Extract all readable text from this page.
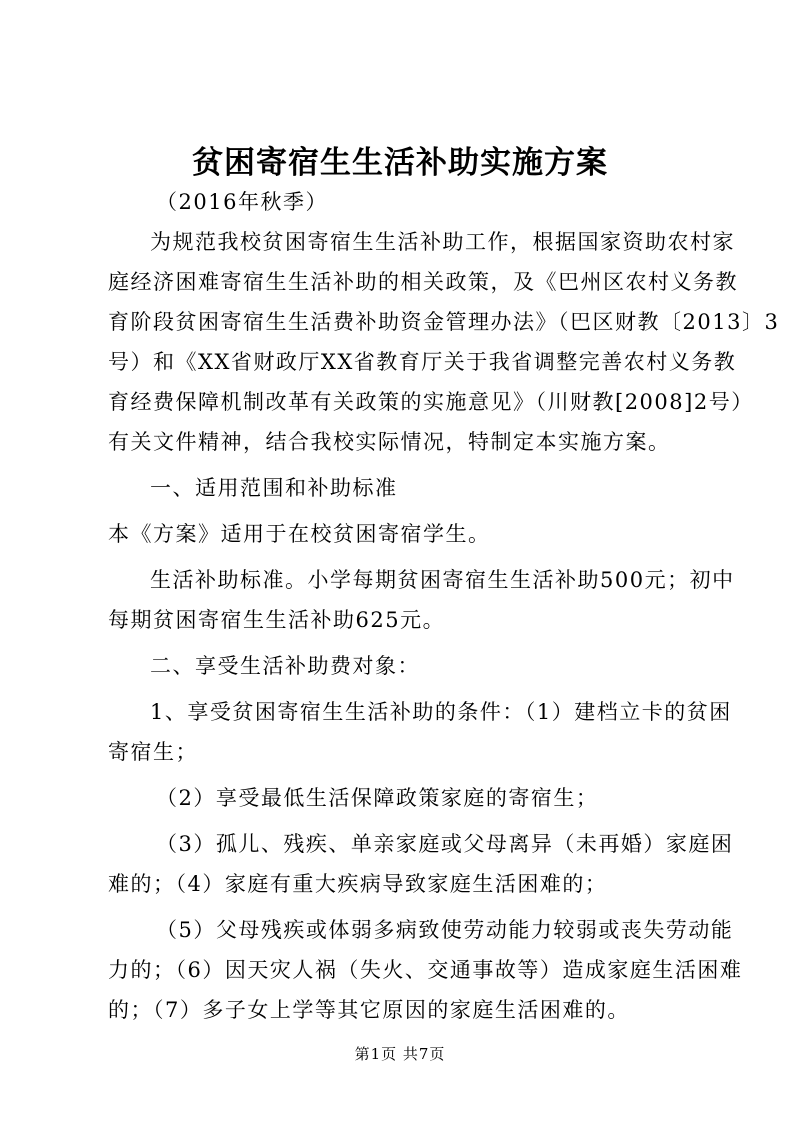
贫困寄宿生生活补助实施方案
（2016年秋季）
为规范我校贫困寄宿生生活补助工作，根据国家资助农村家
庭经济困难寄宿生生活补助的相关政策，及《巴州区农村义务教
育阶段贫困寄宿生生活费补助资金管理办法》（巴区财教〔2013〕3
号）和《XX省财政厅XX省教育厅关于我省调整完善农村义务教
育经费保障机制改革有关政策的实施意见》（川财教[2008]2号）
有关文件精神，结合我校实际情况，特制定本实施方案。
一、适用范围和补助标准
本《方案》适用于在校贫困寄宿学生。
生活补助标准。小学每期贫困寄宿生生活补助500元；初中
每期贫困寄宿生生活补助625元。
二、享受生活补助费对象：
1、享受贫困寄宿生生活补助的条件：（1）建档立卡的贫困
寄宿生；
（2）享受最低生活保障政策家庭的寄宿生；
（3）孤儿、残疾、单亲家庭或父母离异（未再婚）家庭困
难的；（4）家庭有重大疾病导致家庭生活困难的；
（5）父母残疾或体弱多病致使劳动能力较弱或丧失劳动能
力的；（6）因天灾人祸（失火、交通事故等）造成家庭生活困难
的；（7）多子女上学等其它原因的家庭生活困难的。
第1页 共7页
